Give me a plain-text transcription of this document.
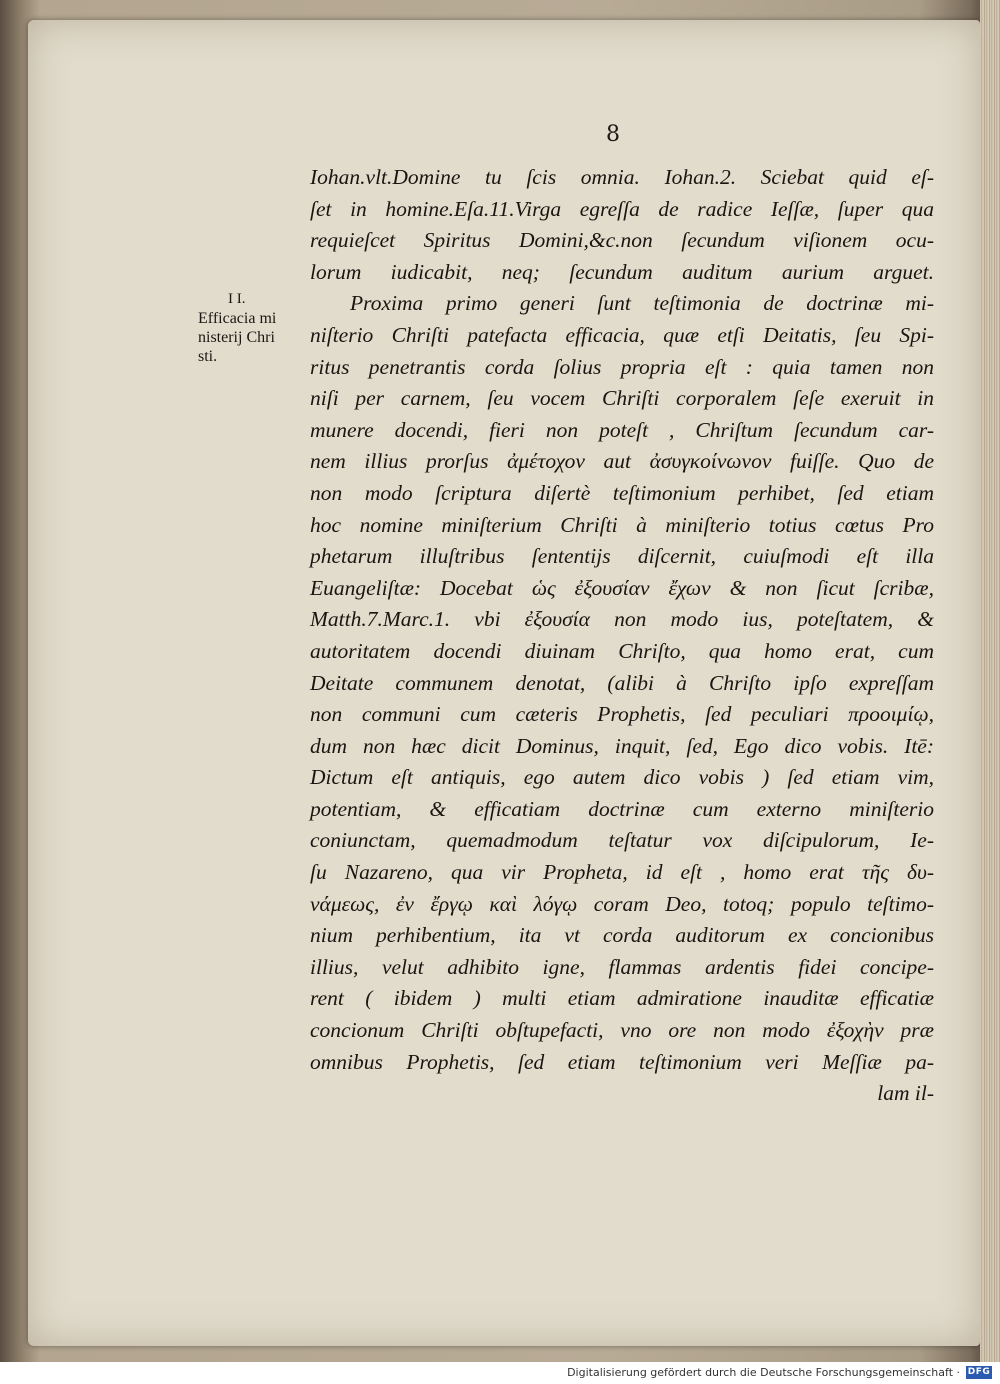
8
I I.
Efficacia mi
nisterij Chri
sti.
Iohan.vlt.Domine tu ſcis omnia. Iohan.2. Sciebat quid eſ-
ſet in homine.Eſa.11.Virga egreſſa de radice Ieſſæ, ſuper qua
requieſcet Spiritus Domini,&c.non ſecundum viſionem ocu-
lorum iudicabit, neq; ſecundum auditum aurium arguet.
Proxima primo generi ſunt teſtimonia de doctrinæ mi-
niſterio Chriſti patefacta efficacia, quæ etſi Deitatis, ſeu Spi-
ritus penetrantis corda ſolius propria eſt : quia tamen non
niſi per carnem, ſeu vocem Chriſti corporalem ſeſe exeruit in
munere docendi, fieri non poteſt , Chriſtum ſecundum car-
nem illius prorſus ἀμέτοχον aut ἀσυγκοίνωνον fuiſſe. Quo de
non modo ſcriptura diſertè teſtimonium perhibet, ſed etiam
hoc nomine miniſterium Chriſti à miniſterio totius cœtus Pro
phetarum illuſtribus ſententijs diſcernit, cuiuſmodi eſt illa
Euangeliſtæ: Docebat ὡς ἐξουσίαν ἔχων & non ſicut ſcribæ,
Matth.7.Marc.1. vbi ἐξουσία non modo ius, poteſtatem, &
autoritatem docendi diuinam Chriſto, qua homo erat, cum
Deitate communem denotat, (alibi à Chriſto ipſo expreſſam
non communi cum cæteris Prophetis, ſed peculiari προοιμίῳ,
dum non hæc dicit Dominus, inquit, ſed, Ego dico vobis. Itē:
Dictum eſt antiquis, ego autem dico vobis ) ſed etiam vim,
potentiam, & efficatiam doctrinæ cum externo miniſterio
coniunctam, quemadmodum teſtatur vox diſcipulorum, Ie-
ſu Nazareno, qua vir Propheta, id eſt , homo erat τῆς δυ-
νάμεως, ἐν ἔργῳ καὶ λόγῳ coram Deo, totoq; populo teſtimo-
nium perhibentium, ita vt corda auditorum ex concionibus
illius, velut adhibito igne, flammas ardentis fidei concipe-
rent ( ibidem ) multi etiam admiratione inauditæ efficatiæ
concionum Chriſti obſtupefacti, vno ore non modo ἐξοχὴν præ
omnibus Prophetis, ſed etiam teſtimonium veri Meſſiæ pa-
lam il-
Digitalisierung gefördert durch die Deutsche Forschungsgemeinschaft · DFG
